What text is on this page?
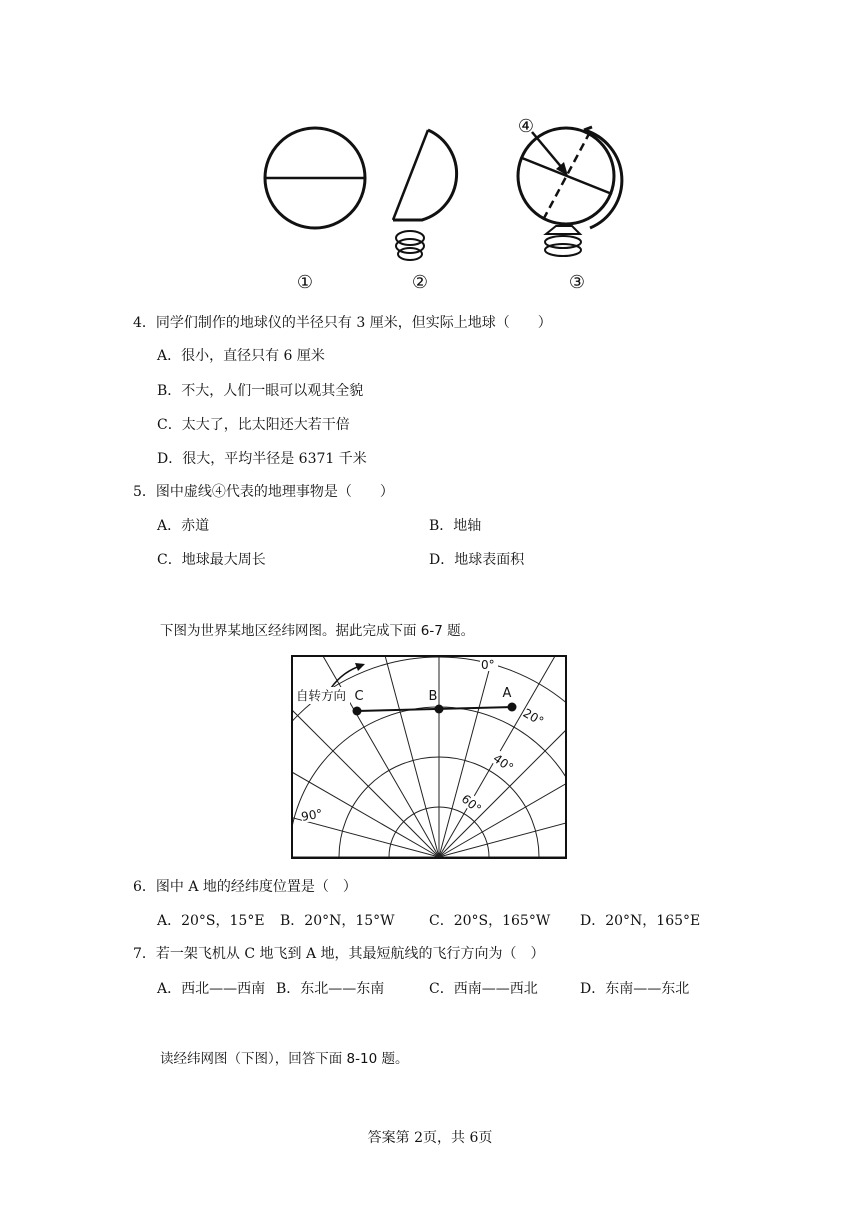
④
①	②	③
4．同学们制作的地球仪的半径只有 3 厘米，但实际上地球（　　）
A．很小，直径只有 6 厘米
B．不大，人们一眼可以观其全貌
C．太大了，比太阳还大若干倍
D．很大，平均半径是 6371 千米
5．图中虚线④代表的地理事物是（　　）
A．赤道	B．地轴
C．地球最大周长	D．地球表面积
下图为世界某地区经纬网图。据此完成下面 6-7 题。
C	B	A
自转方向
0°
20°
40°
60°
90°
6．图中 A 地的经纬度位置是（　）
A．20°S，15°E B．20°N，15°W C．20°S，165°W D．20°N，165°E
7．若一架飞机从 C 地飞到 A 地，其最短航线的飞行方向为（　）
A．西北——西南 B．东北——东南	C．西南——西北	D．东南——东北
读经纬网图（下图），回答下面 8-10 题。
答案第 2页，共 6页
